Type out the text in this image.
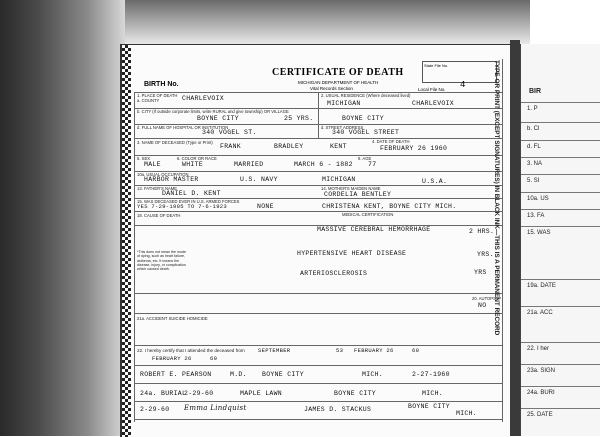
State File No.
CERTIFICATE OF DEATH
MICHIGAN DEPARTMENT OF HEALTH
Vital Records Section
BIRTH No.
Local File No. 4
1. PLACE OF DEATH
a. COUNTY	CHARLEVOIX	2. USUAL RESIDENCE (Where deceased lived)
MICHIGAN	CHARLEVOIX
b. CITY (If outside corporate limits, write RURAL and give township) OR VILLAGE
BOYNE CITY	25 YRS.	BOYNE CITY
d. FULL NAME OF HOSPITAL OR INSTITUTION
340 VOGEL ST.
d. STREET ADDRESS
340 VOGEL STREET
3. NAME OF DECEASED (Type or Print)
FRANK	BRADLEY	KENT
4. DATE OF DEATH
FEBRUARY 26 1960
5. SEX
MALE
6. COLOR OR RACE
WHITE	MARRIED	MARCH 6 - 1882
9. AGE
77
10a. USUAL OCCUPATION
HARBOR MASTER	U.S. NAVY	MICHIGAN	U.S.A.
13. FATHER'S NAME
DANIEL D. KENT
14. MOTHER'S MAIDEN NAME
CORDELIA BENTLEY
15. WAS DECEASED EVER IN U.S. ARMED FORCES
YES 7-29-1905 TO 7-6-1923	NONE	CHRISTENA KENT, BOYNE CITY MICH.
18. CAUSE OF DEATH	MEDICAL CERTIFICATION
MASSIVE CEREBRAL HEMORRHAGE	2 HRS.
HYPERTENSIVE HEART DISEASE	YRS.
ARTERIOSCLEROSIS	YRS
*This does not mean the mode of dying, such as heart failure, asthenia, etc. It means the disease, injury, or complication which caused death.
20. AUTOPSY?
NO
21a. ACCIDENT SUICIDE HOMICIDE
22. I hereby certify that I attended the deceased from SEPTEMBER	53 FEBRUARY 26	60
FEBRUARY 26	60
ROBERT E. PEARSON	M.D. BOYNE CITY	MICH.	2-27-1960
24a. BURIAL
2-29-60	MAPLE LAWN	BOYNE CITY	MICH.
2-29-60 Emma Lindquist	JAMES D. STACKUS	BOYNE CITY
MICH.
TYPE OR PRINT (EXCEPT SIGNATURES) IN BLACK INK—THIS IS A PERMANENT RECORD	BIR
1. P
b. Cl
d. FL
3. NA
5. SI
10a. US
13. FA
15. WAS
19a. DATE
21a. ACC
22. I her
23a. SIGN
24a. BURI
25. DATE
